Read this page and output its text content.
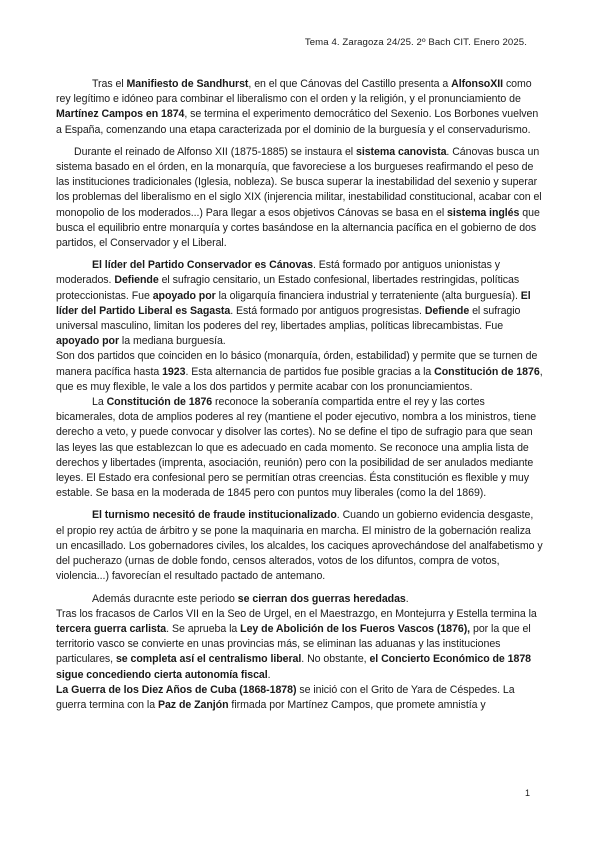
Tema 4. Zaragoza 24/25. 2º Bach CIT. Enero 2025.

Tras el Manifiesto de Sandhurst, en el que Cánovas del Castillo presenta a AlfonsoXII como rey legítimo e idóneo para combinar el liberalismo con el orden y la religión, y el pronunciamiento de Martínez Campos en 1874, se termina el experimento democrático del Sexenio. Los Borbones vuelven a España, comenzando una etapa caracterizada por el dominio de la burguesía y el conservadurismo.

Durante el reinado de Alfonso XII (1875-1885) se instaura el sistema canovista. Cánovas busca un sistema basado en el órden, en la monarquía, que favoreciese a los burgueses reafirmando el peso de las instituciones tradicionales (Iglesia, nobleza). Se busca superar la inestabilidad del sexenio y superar los problemas del liberalismo en el siglo XIX (injerencia militar, inestabilidad constitucional, acabar con el monopolio de los moderados...) Para llegar a esos objetivos Cánovas se basa en el sistema inglés que busca el equilibrio entre monarquía y cortes basándose en la alternancia pacífica en el gobierno de dos partidos, el Conservador y el Liberal.

El líder del Partido Conservador es Cánovas. Está formado por antiguos unionistas y moderados. Defiende el sufragio censitario, un Estado confesional, libertades restringidas, políticas proteccionistas. Fue apoyado por la oligarquía financiera industrial y terrateniente (alta burguesía). El líder del Partido Liberal es Sagasta. Está formado por antiguos progresistas. Defiende el sufragio universal masculino, limitan los poderes del rey, libertades amplias, políticas librecambistas. Fue apoyado por la mediana burguesía.

Son dos partidos que coinciden en lo básico (monarquía, órden, estabilidad) y permite que se turnen de manera pacífica hasta 1923. Esta alternancia de partidos fue posible gracias a la Constitución de 1876, que es muy flexible, le vale a los dos partidos y permite acabar con los pronunciamientos.

La Constitución de 1876 reconoce la soberanía compartida entre el rey y las cortes bicamerales, dota de amplios poderes al rey (mantiene el poder ejecutivo, nombra a los ministros, tiene derecho a veto, y puede convocar y disolver las cortes). No se define el tipo de sufragio para que sean las leyes las que establezcan lo que es adecuado en cada momento. Se reconoce una amplia lista de derechos y libertades (imprenta, asociación, reunión) pero con la posibilidad de ser anulados mediante leyes. El Estado era confesional pero se permitían otras creencias. Ésta constitución es flexible y muy estable. Se basa en la moderada de 1845 pero con puntos muy liberales (como la del 1869).

El turnismo necesitó de fraude institucionalizado. Cuando un gobierno evidencia desgaste, el propio rey actúa de árbitro y se pone la maquinaria en marcha. El ministro de la gobernación realiza un encasillado. Los gobernadores civiles, los alcaldes, los caciques aprovechándose del analfabetismo y del pucherazo (urnas de doble fondo, censos alterados, votos de los difuntos, compra de votos, violencia...) favorecían el resultado pactado de antemano.

Además duracnte este periodo se cierran dos guerras heredadas.

Tras los fracasos de Carlos VII en la Seo de Urgel, en el Maestrazgo, en Montejurra y Estella termina la tercera guerra carlista. Se aprueba la Ley de Abolición de los Fueros Vascos (1876), por la que el territorio vasco se convierte en unas provincias más, se eliminan las aduanas y las instituciones particulares, se completa así el centralismo liberal. No obstante, el Concierto Económico de 1878 sigue concediendo cierta autonomía fiscal.

La Guerra de los Diez Años de Cuba (1868-1878) se inició con el Grito de Yara de Céspedes. La guerra termina con la Paz de Zanjón firmada por Martínez Campos, que promete amnistía y

1
